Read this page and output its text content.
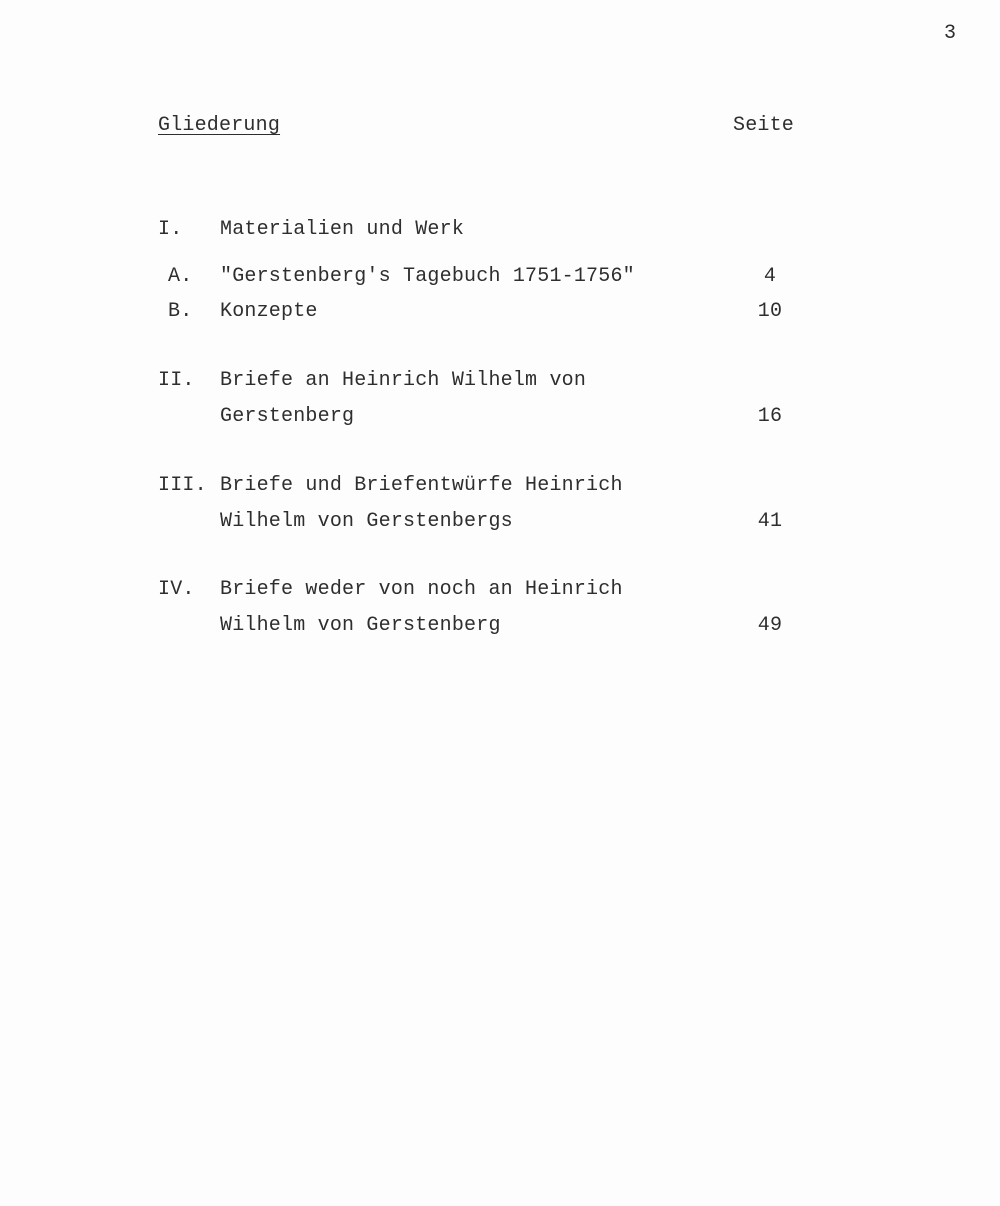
3
Gliederung	Seite
I. Materialien und Werk
A. "Gerstenberg's Tagebuch 1751-1756"	4
B. Konzepte	10
II. Briefe an Heinrich Wilhelm von
Gerstenberg	16
III. Briefe und Briefentwürfe Heinrich
Wilhelm von Gerstenbergs	41
IV. Briefe weder von noch an Heinrich
Wilhelm von Gerstenberg	49
